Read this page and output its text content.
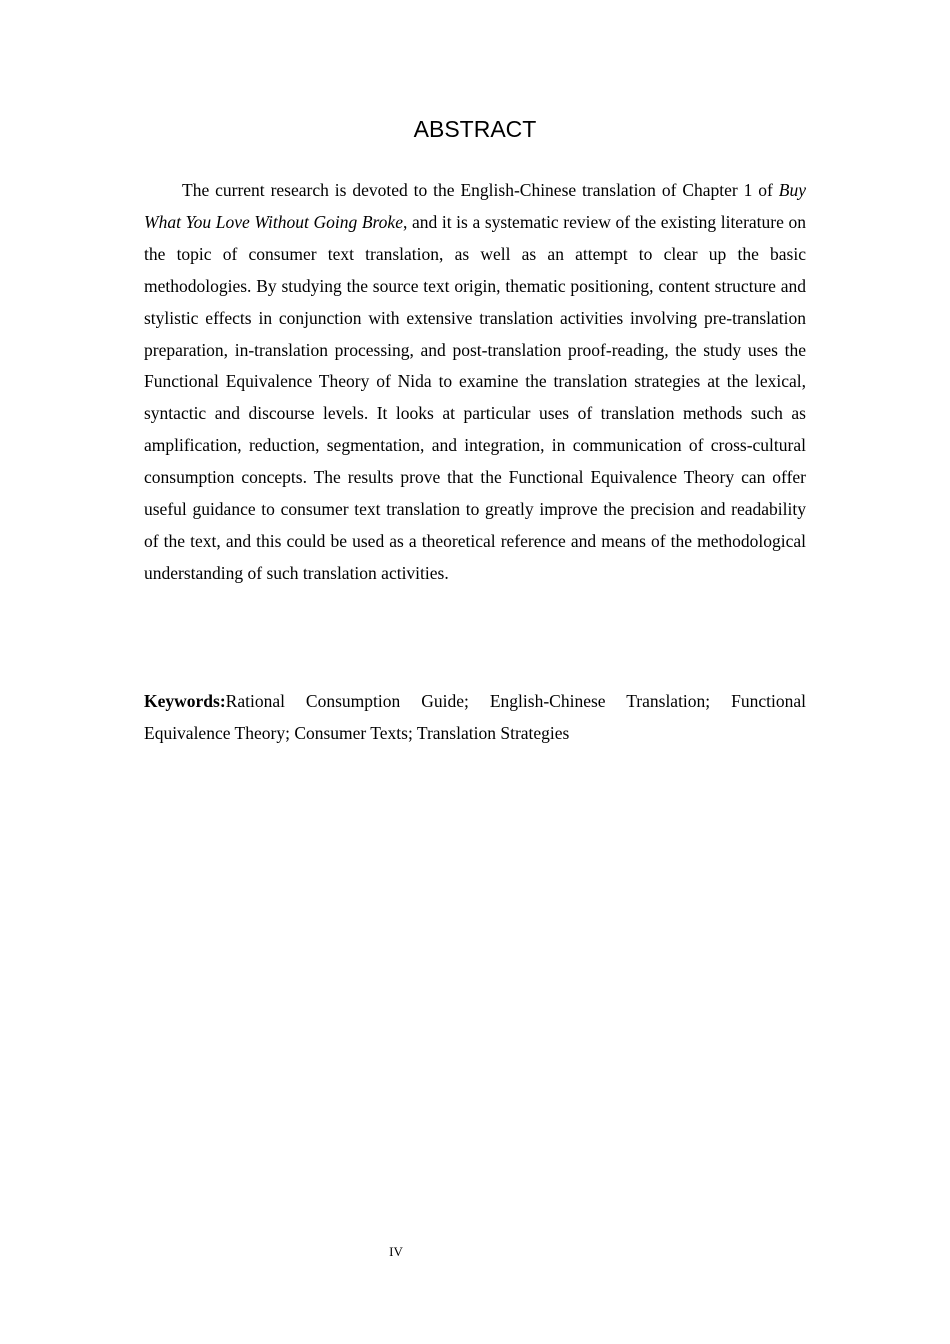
ABSTRACT

The current research is devoted to the English-Chinese translation of Chapter 1 of Buy What You Love Without Going Broke, and it is a systematic review of the existing literature on the topic of consumer text translation, as well as an attempt to clear up the basic methodologies. By studying the source text origin, thematic positioning, content structure and stylistic effects in conjunction with extensive translation activities involving pre-translation preparation, in-translation processing, and post-translation proof-reading, the study uses the Functional Equivalence Theory of Nida to examine the translation strategies at the lexical, syntactic and discourse levels. It looks at particular uses of translation methods such as amplification, reduction, segmentation, and integration, in communication of cross-cultural consumption concepts. The results prove that the Functional Equivalence Theory can offer useful guidance to consumer text translation to greatly improve the precision and readability of the text, and this could be used as a theoretical reference and means of the methodological understanding of such translation activities.

Keywords:Rational Consumption Guide; English-Chinese Translation; Functional Equivalence Theory; Consumer Texts; Translation Strategies

IV
